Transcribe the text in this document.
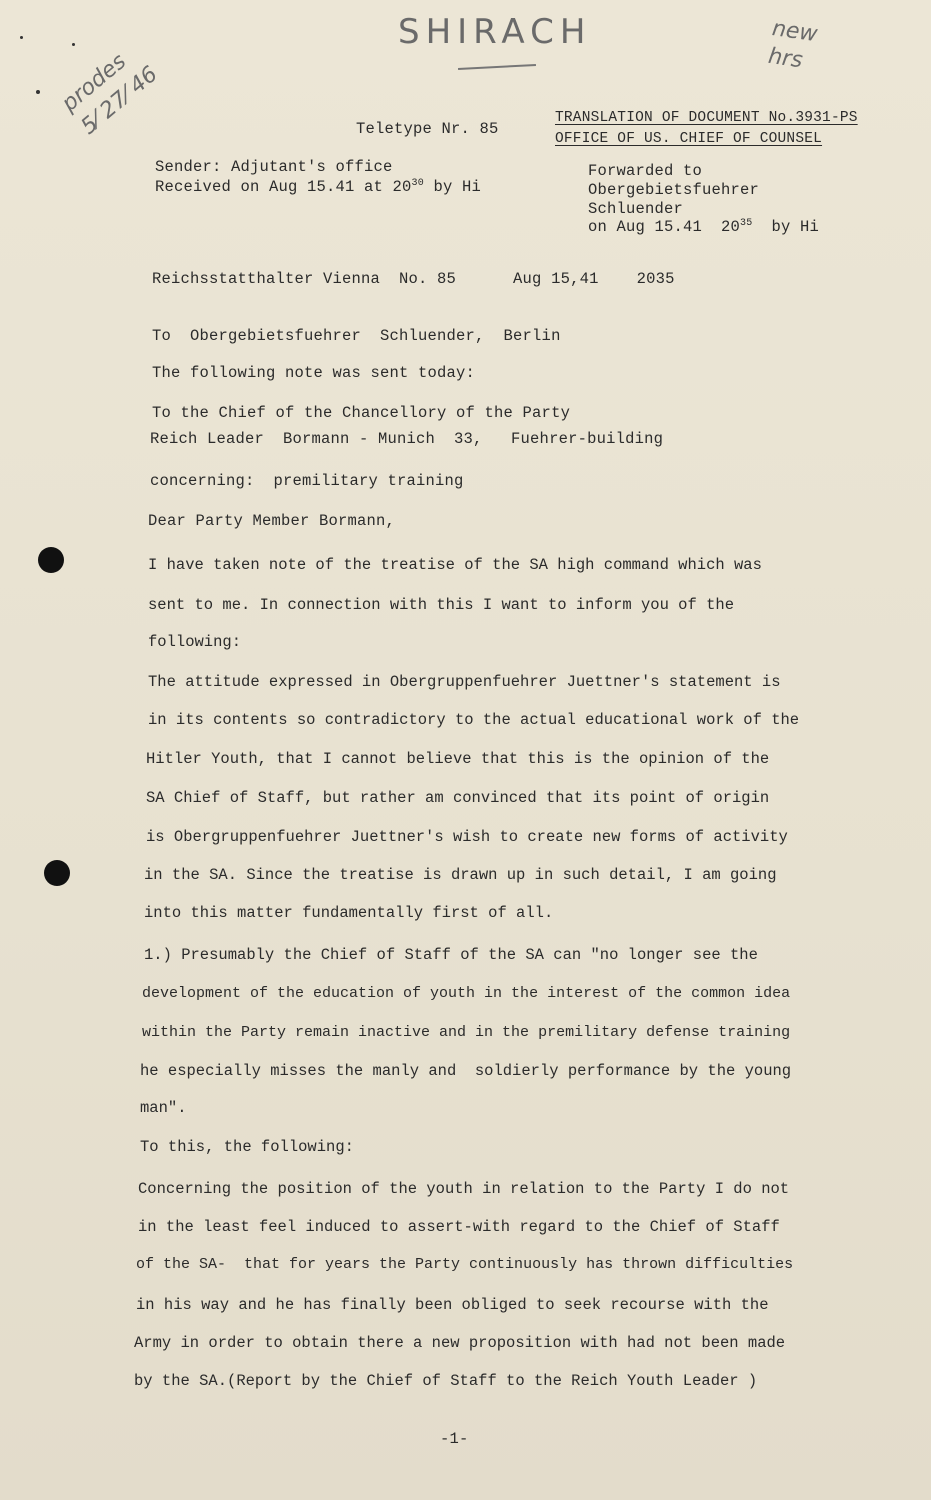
SHIRACH	new
hrs
prodes
5⁄ 27⁄ 46	Teletype Nr. 85
TRANSLATION OF DOCUMENT No.3931-PS
OFFICE OF US. CHIEF OF COUNSEL
Sender: Adjutant's office
Received on Aug 15.41 at $20^{30}$ by Hi
Forwarded to
Obergebietsfuehrer
Schluender
on Aug 15.41  $20^{35}$  by Hi
Reichsstatthalter Vienna  No. 85      Aug 15,41    2035
To  Obergebietsfuehrer  Schluender,  Berlin
The following note was sent today:
To the Chief of the Chancellory of the Party
Reich Leader  Bormann - Munich  33,   Fuehrer-building
concerning:  premilitary training
Dear Party Member Bormann,
I have taken note of the treatise of the SA high command which was
sent to me. In connection with this I want to inform you of the
following:
The attitude expressed in Obergruppenfuehrer Juettner's statement is
in its contents so contradictory to the actual educational work of the
Hitler Youth, that I cannot believe that this is the opinion of the
SA Chief of Staff, but rather am convinced that its point of origin
is Obergruppenfuehrer Juettner's wish to create new forms of activity
in the SA. Since the treatise is drawn up in such detail, I am going
into this matter fundamentally first of all.
1.) Presumably the Chief of Staff of the SA can "no longer see the
development of the education of youth in the interest of the common idea
within the Party remain inactive and in the premilitary defense training
he especially misses the manly and  soldierly performance by the young
man".
To this, the following:
Concerning the position of the youth in relation to the Party I do not
in the least feel induced to assert-with regard to the Chief of Staff
of the SA-  that for years the Party continuously has thrown difficulties
in his way and he has finally been obliged to seek recourse with the
Army in order to obtain there a new proposition with had not been made
by the SA.(Report by the Chief of Staff to the Reich Youth Leader )
-1-
